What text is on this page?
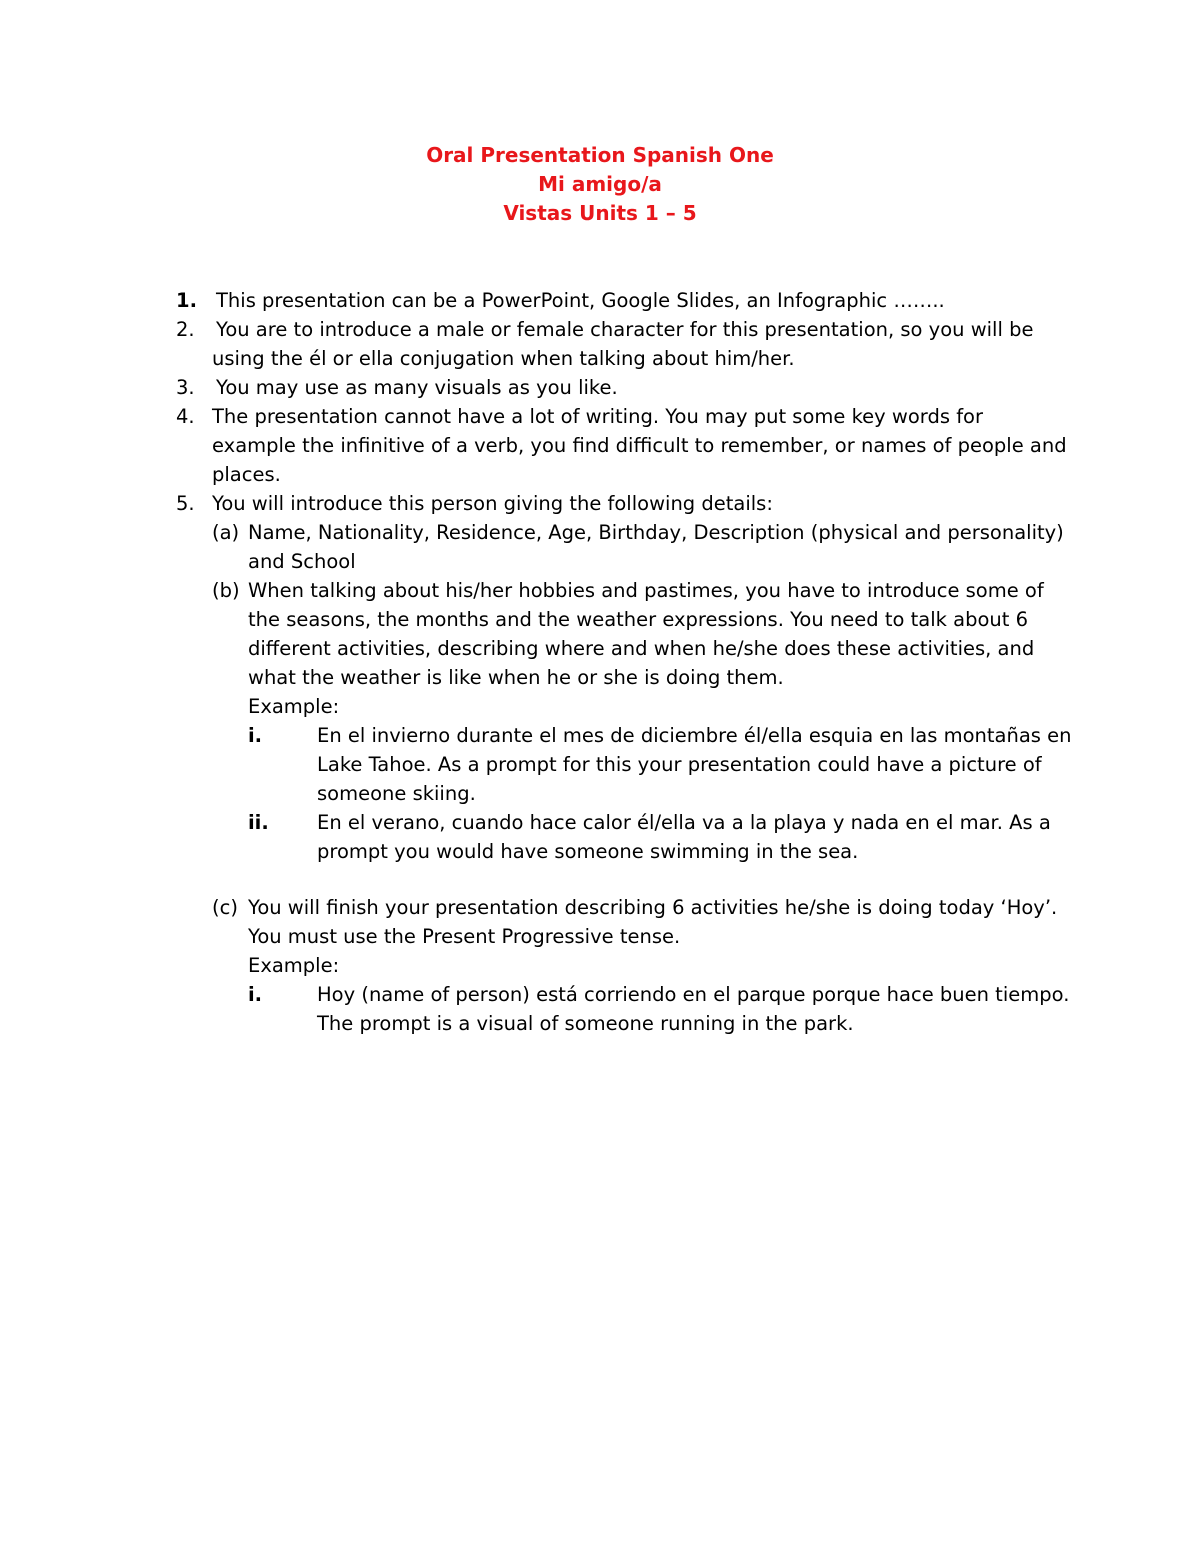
Oral Presentation Spanish One
Mi amigo/a
Vistas Units 1 – 5
1. This presentation can be a PowerPoint, Google Slides, an Infographic ……..
2. You are to introduce a male or female character for this presentation, so you will be
using the él or ella conjugation when talking about him/her.
3. You may use as many visuals as you like.
4. The presentation cannot have a lot of writing. You may put some key words for
example the infinitive of a verb, you find difficult to remember, or names of people and
places.
5. You will introduce this person giving the following details:
(a) Name, Nationality, Residence, Age, Birthday, Description (physical and personality)
and School
(b) When talking about his/her hobbies and pastimes, you have to introduce some of
the seasons, the months and the weather expressions. You need to talk about 6
different activities, describing where and when he/she does these activities, and
what the weather is like when he or she is doing them.
Example:
i.	En el invierno durante el mes de diciembre él/ella esquia en las montañas en
Lake Tahoe. As a prompt for this your presentation could have a picture of
someone skiing.
ii. En el verano, cuando hace calor él/ella va a la playa y nada en el mar. As a
prompt you would have someone swimming in the sea.
(c) You will finish your presentation describing 6 activities he/she is doing today ‘Hoy’.
You must use the Present Progressive tense.
Example:
i.	Hoy (name of person) está corriendo en el parque porque hace buen tiempo.
The prompt is a visual of someone running in the park.
